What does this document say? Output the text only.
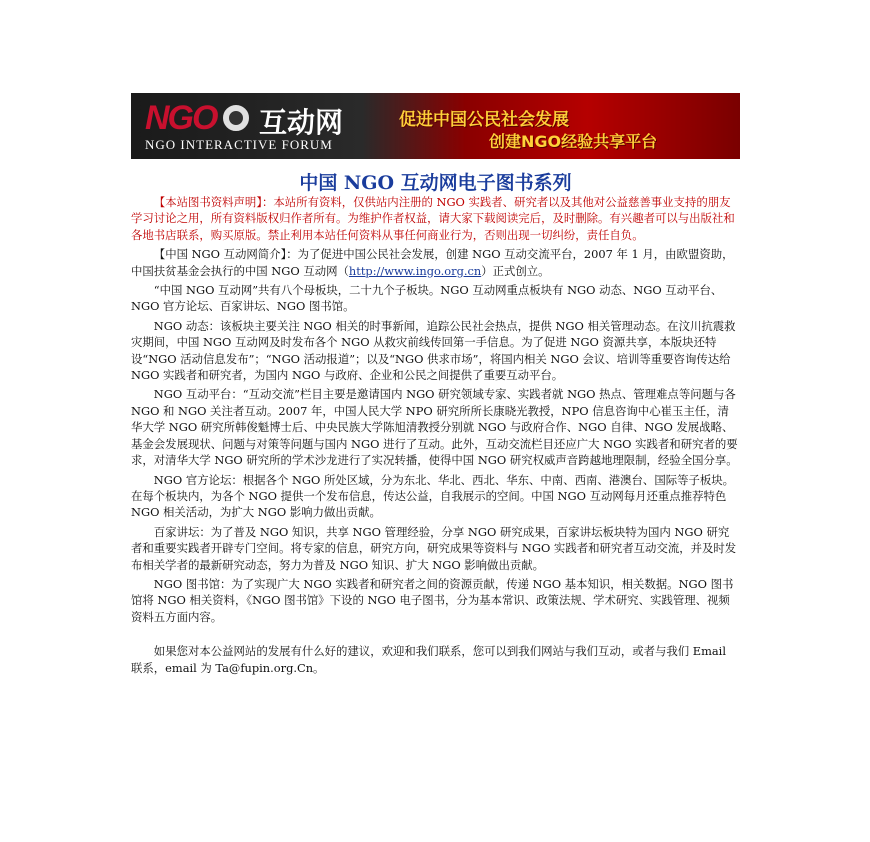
NGO 互动网
NGO INTERACTIVE FORUM
促进中国公民社会发展
创建NGO经验共享平台
中国 NGO 互动网电子图书系列

【本站图书资料声明】：本站所有资料，仅供站内注册的 NGO 实践者、研究者以及其他对公益慈善事业支持的朋友学习讨论之用，所有资料版权归作者所有。为维护作者权益，请大家下载阅读完后，及时删除。有兴趣者可以与出版社和各地书店联系，购买原版。禁止利用本站任何资料从事任何商业行为，否则出现一切纠纷，责任自负。

【中国 NGO 互动网简介】：为了促进中国公民社会发展，创建 NGO 互动交流平台，2007 年 1 月，由欧盟资助，中国扶贫基金会执行的中国 NGO 互动网（http://www.ingo.org.cn）正式创立。

“中国 NGO 互动网”共有八个母板块，二十九个子板块。NGO 互动网重点板块有 NGO 动态、NGO 互动平台、NGO 官方论坛、百家讲坛、NGO 图书馆。

NGO 动态：该板块主要关注 NGO 相关的时事新闻，追踪公民社会热点，提供 NGO 相关管理动态。在汶川抗震救灾期间，中国 NGO 互动网及时发布各个 NGO 从救灾前线传回第一手信息。为了促进 NGO 资源共享，本版块还特设“NGO 活动信息发布”；“NGO 活动报道”；以及“NGO 供求市场”，将国内相关 NGO 会议、培训等重要咨询传达给 NGO 实践者和研究者，为国内 NGO 与政府、企业和公民之间提供了重要互动平台。

NGO 互动平台：“互动交流”栏目主要是邀请国内 NGO 研究领域专家、实践者就 NGO 热点、管理难点等问题与各 NGO 和 NGO 关注者互动。2007 年，中国人民大学 NPO 研究所所长康晓光教授，NPO 信息咨询中心崔玉主任，清华大学 NGO 研究所韩俊魁博士后、中央民族大学陈旭清教授分别就 NGO 与政府合作、NGO 自律、NGO 发展战略、基金会发展现状、问题与对策等问题与国内 NGO 进行了互动。此外，互动交流栏目还应广大 NGO 实践者和研究者的要求，对清华大学 NGO 研究所的学术沙龙进行了实况转播，使得中国 NGO 研究权威声音跨越地理限制，经验全国分享。

NGO 官方论坛：根据各个 NGO 所处区域，分为东北、华北、西北、华东、中南、西南、港澳台、国际等子板块。在每个板块内，为各个 NGO 提供一个发布信息，传达公益，自我展示的空间。中国 NGO 互动网每月还重点推荐特色 NGO 相关活动，为扩大 NGO 影响力做出贡献。

百家讲坛：为了普及 NGO 知识，共享 NGO 管理经验，分享 NGO 研究成果，百家讲坛板块特为国内 NGO 研究者和重要实践者开辟专门空间。将专家的信息，研究方向，研究成果等资料与 NGO 实践者和研究者互动交流，并及时发布相关学者的最新研究动态，努力为普及 NGO 知识、扩大 NGO 影响做出贡献。

NGO 图书馆：为了实现广大 NGO 实践者和研究者之间的资源贡献，传递 NGO 基本知识，相关数据。NGO 图书馆将 NGO 相关资料，《NGO 图书馆》下设的 NGO 电子图书，分为基本常识、政策法规、学术研究、实践管理、视频资料五方面内容。

如果您对本公益网站的发展有什么好的建议，欢迎和我们联系，您可以到我们网站与我们互动，或者与我们 Email 联系，email 为 Ta@fupin.org.Cn。
